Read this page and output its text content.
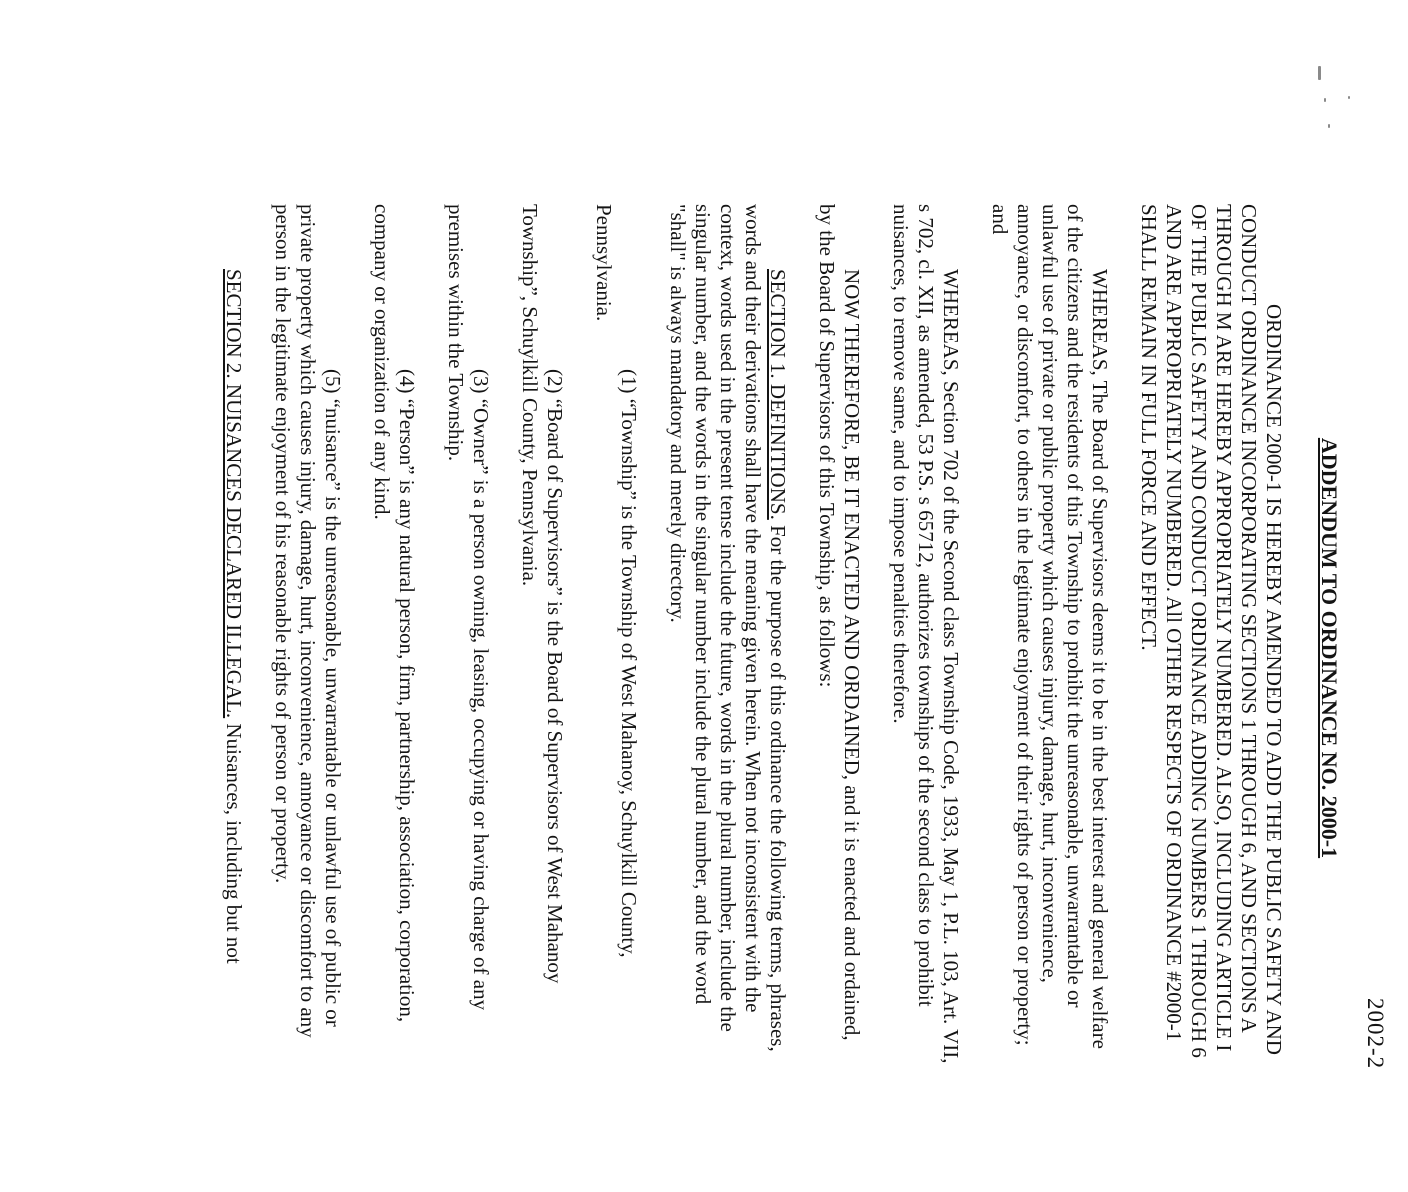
2002-2
ADDENDUM TO ORDINANCE NO. 2000-1

ORDINANCE 2000-1 IS HEREBY AMENDED TO ADD THE PUBLIC SAFETY AND CONDUCT ORDINANCE INCORPORATING SECTIONS 1 THROUGH 6, AND SECTIONS A THROUGH M ARE HEREBY APPROPRIATELY NUMBERED. ALSO, INCLUDING ARTICLE I OF THE PUBLIC SAFETY AND CONDUCT ORDINANCE ADDING NUMBERS 1 THROUGH 6 AND ARE APPROPRIATELY NUMBERED. All OTHER RESPECTS OF ORDINANCE #2000-1 SHALL REMAIN IN FULL FORCE AND EFFECT.

WHEREAS, The Board of Supervisors deems it to be in the best interest and general welfare of the citizens and the residents of this Township to prohibit the unreasonable, unwarrantable or unlawful use of private or public property which causes injury, damage, hurt, inconvenience, annoyance, or discomfort, to others in the legitimate enjoyment of their rights of person or property; and

WHEREAS, Section 702 of the Second class Township Code, 1933, May 1, P.L. 103, Art. VII, s 702, cl. XII, as amended, 53 P.S. s 65712, authorizes townships of the second class to prohibit nuisances, to remove same, and to impose penalties therefore.

NOW THEREFORE, BE IT ENACTED AND ORDAINED, and it is enacted and ordained, by the Board of Supervisors of this Township, as follows:

SECTION 1. DEFINITIONS. For the purpose of this ordinance the following terms, phrases, words and their derivations shall have the meaning given herein. When not inconsistent with the context, words used in the present tense include the future, words in the plural number, include the singular number, and the words in the singular number include the plural number, and the word "shall" is always mandatory and merely directory.

(1) “Township” is the Township of West Mahanoy, Schuylkill County, Pennsylvania.

(2) “Board of Supervisors” is the Board of Supervisors of West Mahanoy Township”, Schuylkill County, Pennsylvania.

(3) “Owner” is a person owning, leasing, occupying or having charge of any premises within the Township.

(4) “Person” is any natural person, firm, partnership, association, corporation, company or organization of any kind.

(5) “nuisance” is the unreasonable, unwarrantable or unlawful use of public or private property which causes injury, damage, hurt, inconvenience, annoyance or discomfort to any person in the legitimate enjoyment of his reasonable rights of person or property.

SECTION 2. NUISANCES DECLARED ILLEGAL. Nuisances, including but not
